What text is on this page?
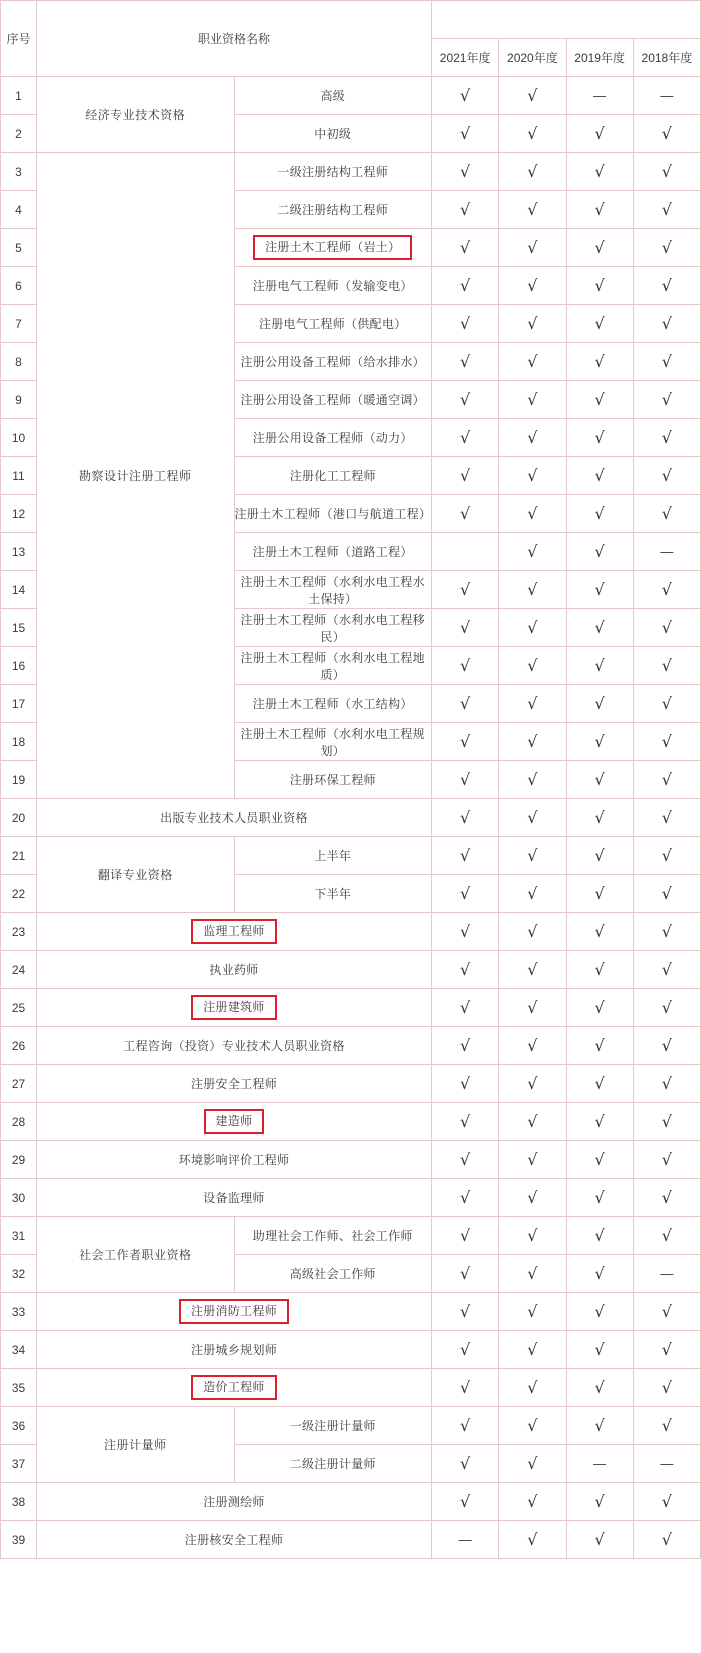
序号	职业资格名称					
			2021年度	2020年度	2019年度	2018年度
1	经济专业技术资格	高级	√	√	—	—
2		中初级	√	√	√	√
3	勘察设计注册工程师	一级注册结构工程师	√	√	√	√
4		二级注册结构工程师	√	√	√	√
5		注册土木工程师（岩土）	√	√	√	√
6		注册电气工程师（发输变电）	√	√	√	√
7		注册电气工程师（供配电）	√	√	√	√
8		注册公用设备工程师（给水排水）	√	√	√	√
9		注册公用设备工程师（暖通空调）	√	√	√	√
10		注册公用设备工程师（动力）	√	√	√	√
11		注册化工工程师	√	√	√	√
12		注册土木工程师（港口与航道工程）	√	√	√	√
13		注册土木工程师（道路工程）		√	√	—
14		注册土木工程师（水利水电工程水土保持）	√	√	√	√
15		注册土木工程师（水利水电工程移民）	√	√	√	√
16		注册土木工程师（水利水电工程地质）	√	√	√	√
17		注册土木工程师（水工结构）	√	√	√	√
18		注册土木工程师（水利水电工程规划）	√	√	√	√
19		注册环保工程师	√	√	√	√
20	出版专业技术人员职业资格		√	√	√	√
21	翻译专业资格	上半年	√	√	√	√
22		下半年	√	√	√	√
23	监理工程师		√	√	√	√
24	执业药师		√	√	√	√
25	注册建筑师		√	√	√	√
26	工程咨询（投资）专业技术人员职业资格		√	√	√	√
27	注册安全工程师		√	√	√	√
28	建造师		√	√	√	√
29	环境影响评价工程师		√	√	√	√
30	设备监理师		√	√	√	√
31	社会工作者职业资格	助理社会工作师、社会工作师	√	√	√	√
32		高级社会工作师	√	√	√	—
33	注册消防工程师		√	√	√	√
34	注册城乡规划师		√	√	√	√
35	造价工程师		√	√	√	√
36	注册计量师	一级注册计量师	√	√	√	√
37		二级注册计量师	√	√	—	—
38	注册测绘师		√	√	√	√
39	注册核安全工程师		—	√	√	√
